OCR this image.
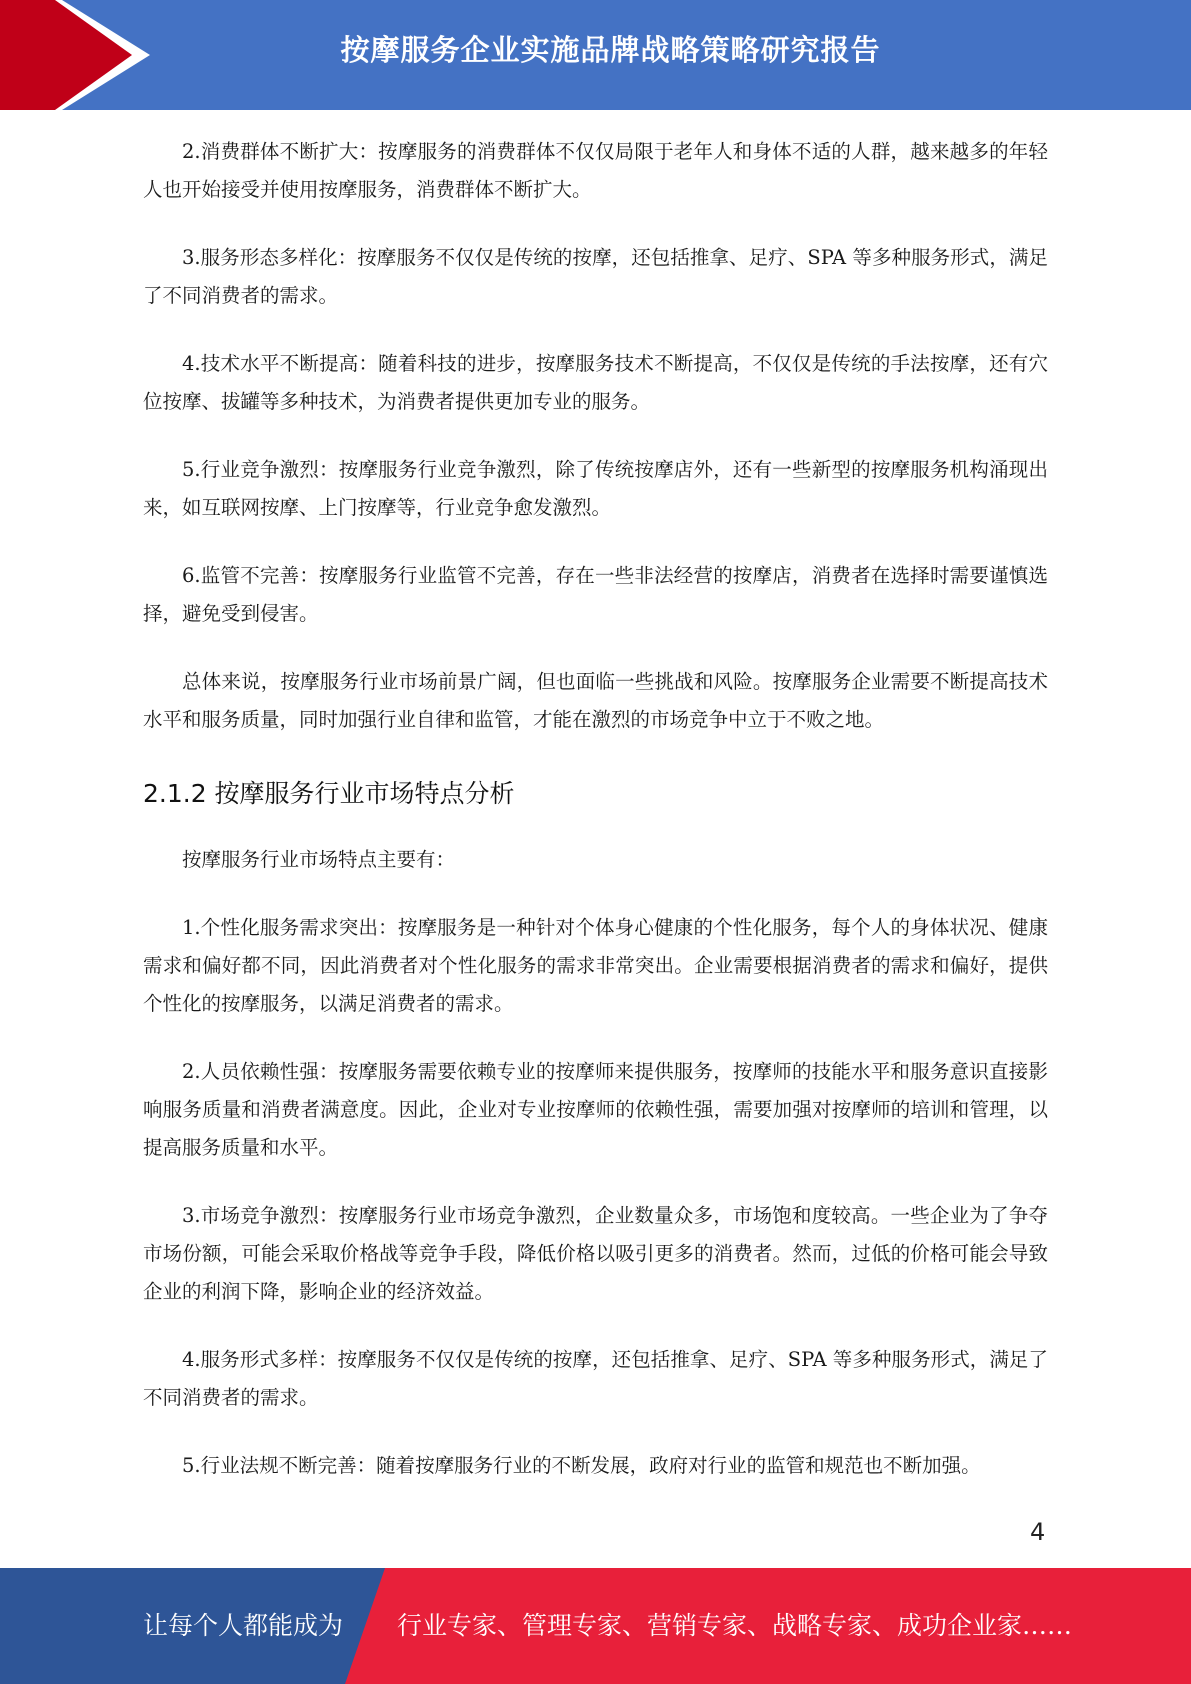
按摩服务企业实施品牌战略策略研究报告

2.消费群体不断扩大：按摩服务的消费群体不仅仅局限于老年人和身体不适的人群，越来越多的年轻人也开始接受并使用按摩服务，消费群体不断扩大。

3.服务形态多样化：按摩服务不仅仅是传统的按摩，还包括推拿、足疗、SPA 等多种服务形式，满足了不同消费者的需求。

4.技术水平不断提高：随着科技的进步，按摩服务技术不断提高，不仅仅是传统的手法按摩，还有穴位按摩、拔罐等多种技术，为消费者提供更加专业的服务。

5.行业竞争激烈：按摩服务行业竞争激烈，除了传统按摩店外，还有一些新型的按摩服务机构涌现出来，如互联网按摩、上门按摩等，行业竞争愈发激烈。

6.监管不完善：按摩服务行业监管不完善，存在一些非法经营的按摩店，消费者在选择时需要谨慎选择，避免受到侵害。

总体来说，按摩服务行业市场前景广阔，但也面临一些挑战和风险。按摩服务企业需要不断提高技术水平和服务质量，同时加强行业自律和监管，才能在激烈的市场竞争中立于不败之地。

2.1.2 按摩服务行业市场特点分析

按摩服务行业市场特点主要有：

1.个性化服务需求突出：按摩服务是一种针对个体身心健康的个性化服务，每个人的身体状况、健康需求和偏好都不同，因此消费者对个性化服务的需求非常突出。企业需要根据消费者的需求和偏好，提供个性化的按摩服务，以满足消费者的需求。

2.人员依赖性强：按摩服务需要依赖专业的按摩师来提供服务，按摩师的技能水平和服务意识直接影响服务质量和消费者满意度。因此，企业对专业按摩师的依赖性强，需要加强对按摩师的培训和管理，以提高服务质量和水平。

3.市场竞争激烈：按摩服务行业市场竞争激烈，企业数量众多，市场饱和度较高。一些企业为了争夺市场份额，可能会采取价格战等竞争手段，降低价格以吸引更多的消费者。然而，过低的价格可能会导致企业的利润下降，影响企业的经济效益。

4.服务形式多样：按摩服务不仅仅是传统的按摩，还包括推拿、足疗、SPA 等多种服务形式，满足了不同消费者的需求。

5.行业法规不断完善：随着按摩服务行业的不断发展，政府对行业的监管和规范也不断加强。

4
让每个人都能成为 行业专家、管理专家、营销专家、战略专家、成功企业家……
